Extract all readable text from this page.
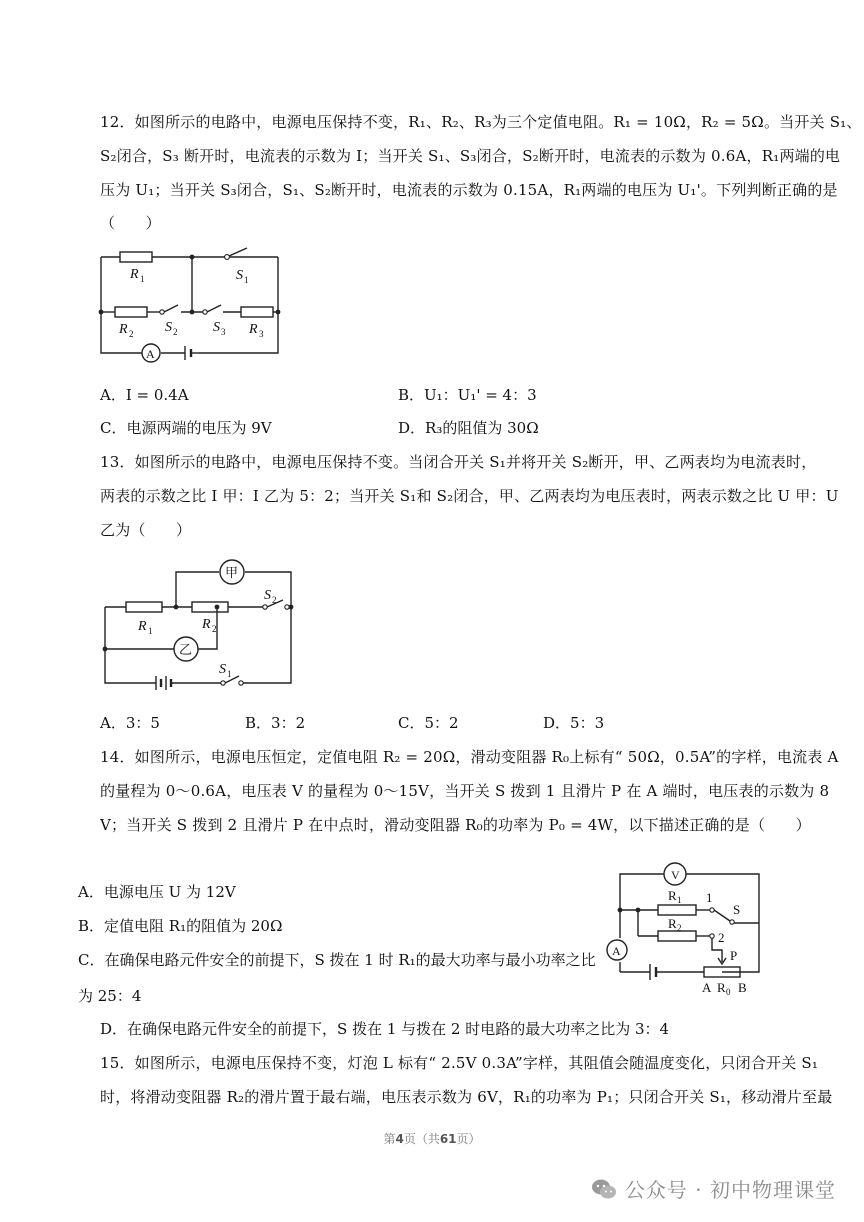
12．如图所示的电路中，电源电压保持不变，R₁、R₂、R₃为三个定值电阻。R₁ = 10Ω，R₂ = 5Ω。当开关 S₁、
S₂闭合，S₃ 断开时，电流表的示数为 I；当开关 S₁、S₃闭合，S₂断开时，电流表的示数为 0.6A，R₁两端的电
压为 U₁；当开关 S₃闭合，S₁、S₂断开时，电流表的示数为 0.15A，R₁两端的电压为 U₁'。下列判断正确的是
（　　）
R 1	S 1
R 2 S 2	S 3 R 3
A
A．I = 0.4A	B．U₁：U₁' = 4：3
C．电源两端的电压为 9V	D．R₃的阻值为 30Ω
13．如图所示的电路中，电源电压保持不变。当闭合开关 S₁并将开关 S₂断开，甲、乙两表均为电流表时，
两表的示数之比 I 甲：I 乙为 5：2；当开关 S₁和 S₂闭合，甲、乙两表均为电压表时，两表示数之比 U 甲：U
乙为（　　）
甲
乙
R 1	R 2
S 2
S 1
A．3：5	B．3：2	C．5：2	D．5：3
14．如图所示，电源电压恒定，定值电阻 R₂ = 20Ω，滑动变阻器 R₀上标有“ 50Ω，0.5A”的字样，电流表 A
的量程为 0～0.6A，电压表 V 的量程为 0～15V，当开关 S 拨到 1 且滑片 P 在 A 端时，电压表的示数为 8
V；当开关 S 拨到 2 且滑片 P 在中点时，滑动变阻器 R₀的功率为 P₀ = 4W，以下描述正确的是（　　）
A．电源电压 U 为 12V
B．定值电阻 R₁的阻值为 20Ω
C．在确保电路元件安全的前提下，S 拨在 1 时 R₁的最大功率与最小功率之比
为 25：4
D．在确保电路元件安全的前提下，S 拨在 1 与拨在 2 时电路的最大功率之比为 3：4
V
A
R 1
R 2
1
2
S
P
A R 0 B
15．如图所示，电源电压保持不变，灯泡 L 标有“ 2.5V 0.3A”字样，其阻值会随温度变化，只闭合开关 S₁
时，将滑动变阻器 R₂的滑片置于最右端，电压表示数为 6V，R₁的功率为 P₁；只闭合开关 S₁，移动滑片至最
第4页（共61页）
公众号 · 初中物理课堂
